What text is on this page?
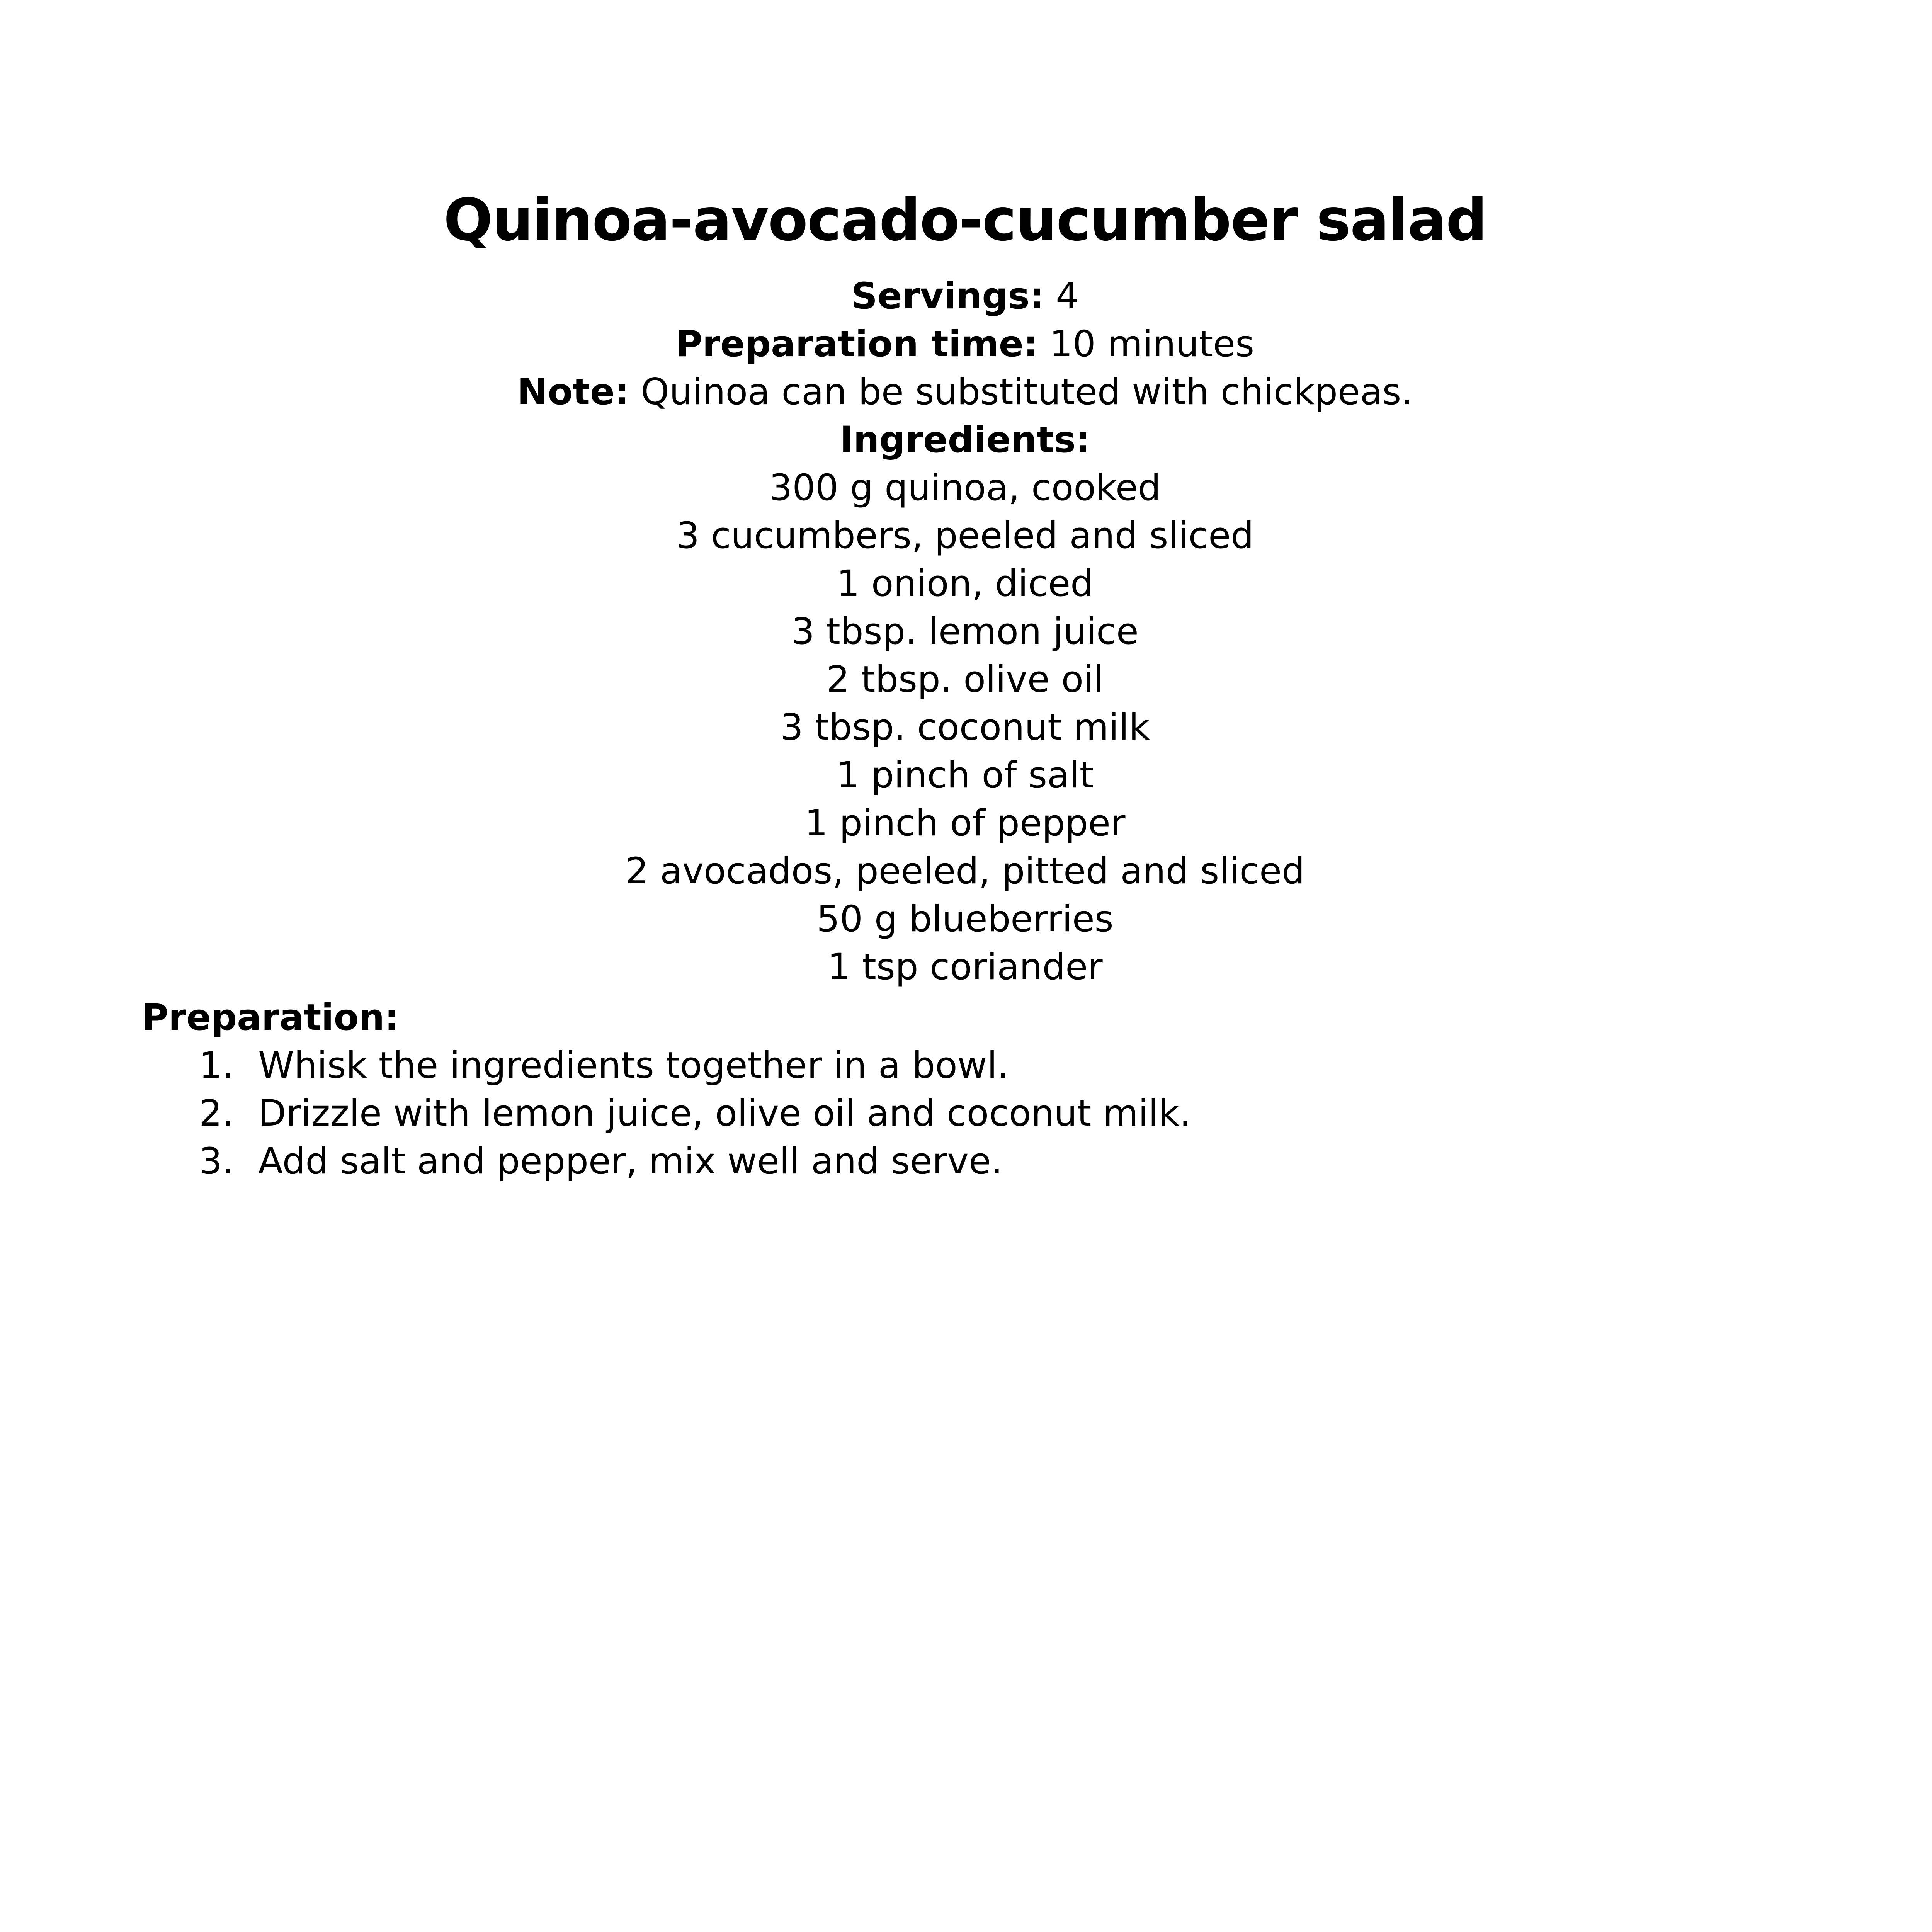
Quinoa-avocado-cucumber salad
Servings: 4
Preparation time: 10 minutes
Note: Quinoa can be substituted with chickpeas.
Ingredients:
300 g quinoa, cooked
3 cucumbers, peeled and sliced
1 onion, diced
3 tbsp. lemon juice
2 tbsp. olive oil
3 tbsp. coconut milk
1 pinch of salt
1 pinch of pepper
2 avocados, peeled, pitted and sliced
50 g blueberries
1 tsp coriander
Preparation:
1. Whisk the ingredients together in a bowl.
2. Drizzle with lemon juice, olive oil and coconut milk.
3. Add salt and pepper, mix well and serve.
